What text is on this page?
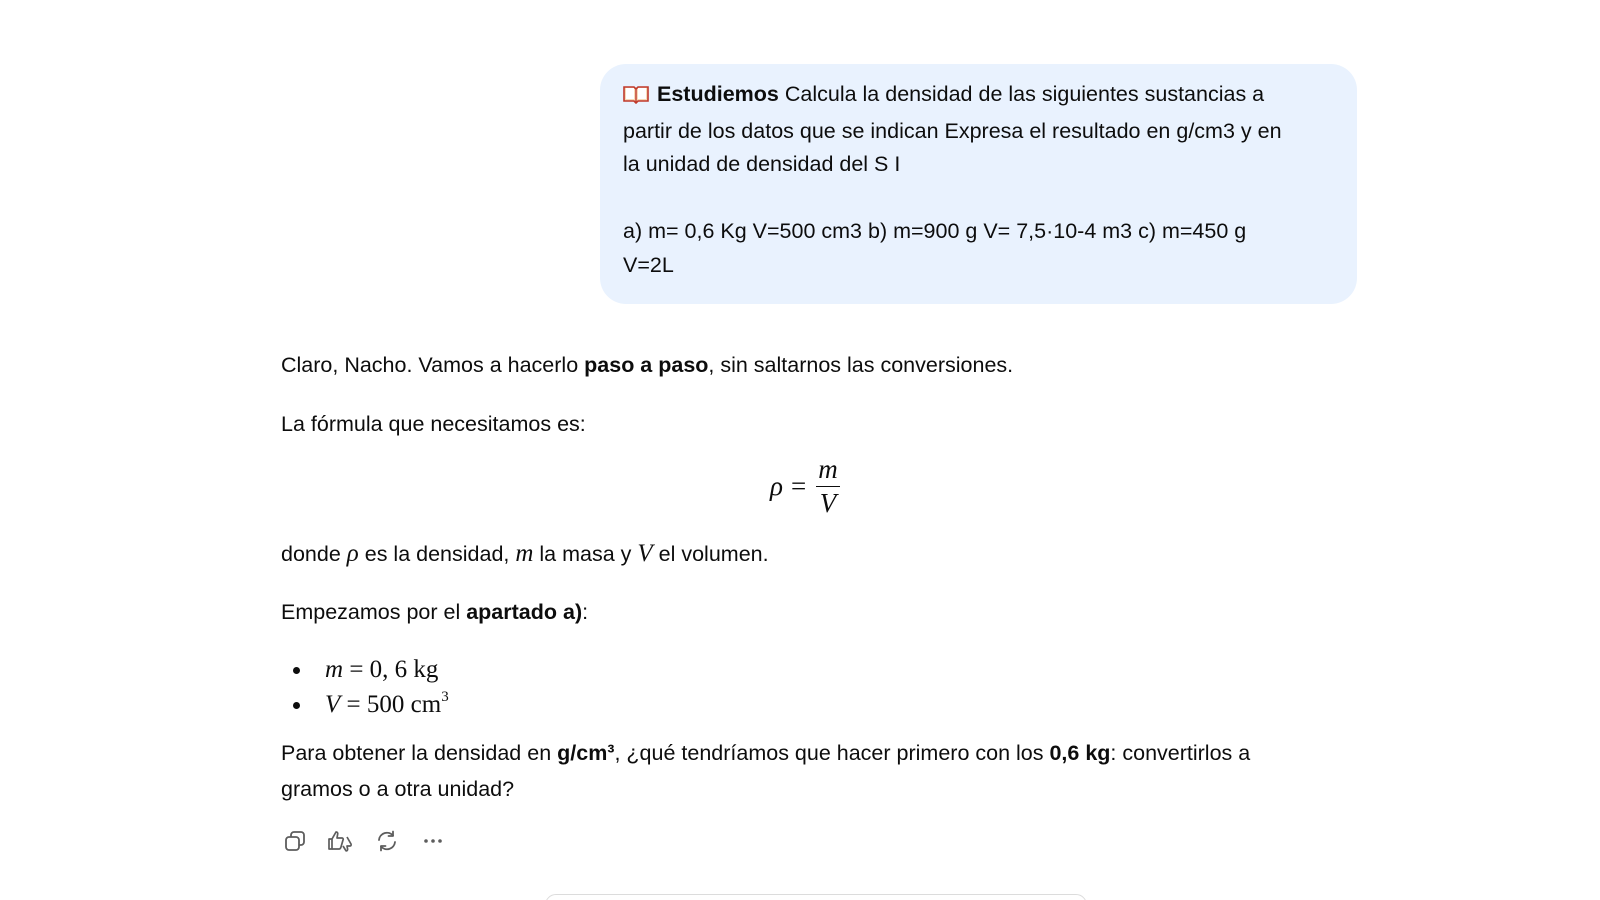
Estudiemos Calcula la densidad de las siguientes sustancias a

partir de los datos que se indican Expresa el resultado en g/cm3 y en

la unidad de densidad del S I

a) m= 0,6 Kg V=500 cm3 b) m=900 g V= 7,5·10-4 m3 c) m=450 g

V=2L

Claro, Nacho. Vamos a hacerlo paso a paso, sin saltarnos las conversiones.

La fórmula que necesitamos es:

$\rho = \frac{m}{V}$

donde ρ es la densidad, m la masa y V el volumen.

Empezamos por el apartado a):

m = 0, 6 kg
V = 500 $cm^3$

Para obtener la densidad en g/cm³, ¿qué tendríamos que hacer primero con los 0,6 kg: convertirlos a gramos o a otra unidad?
